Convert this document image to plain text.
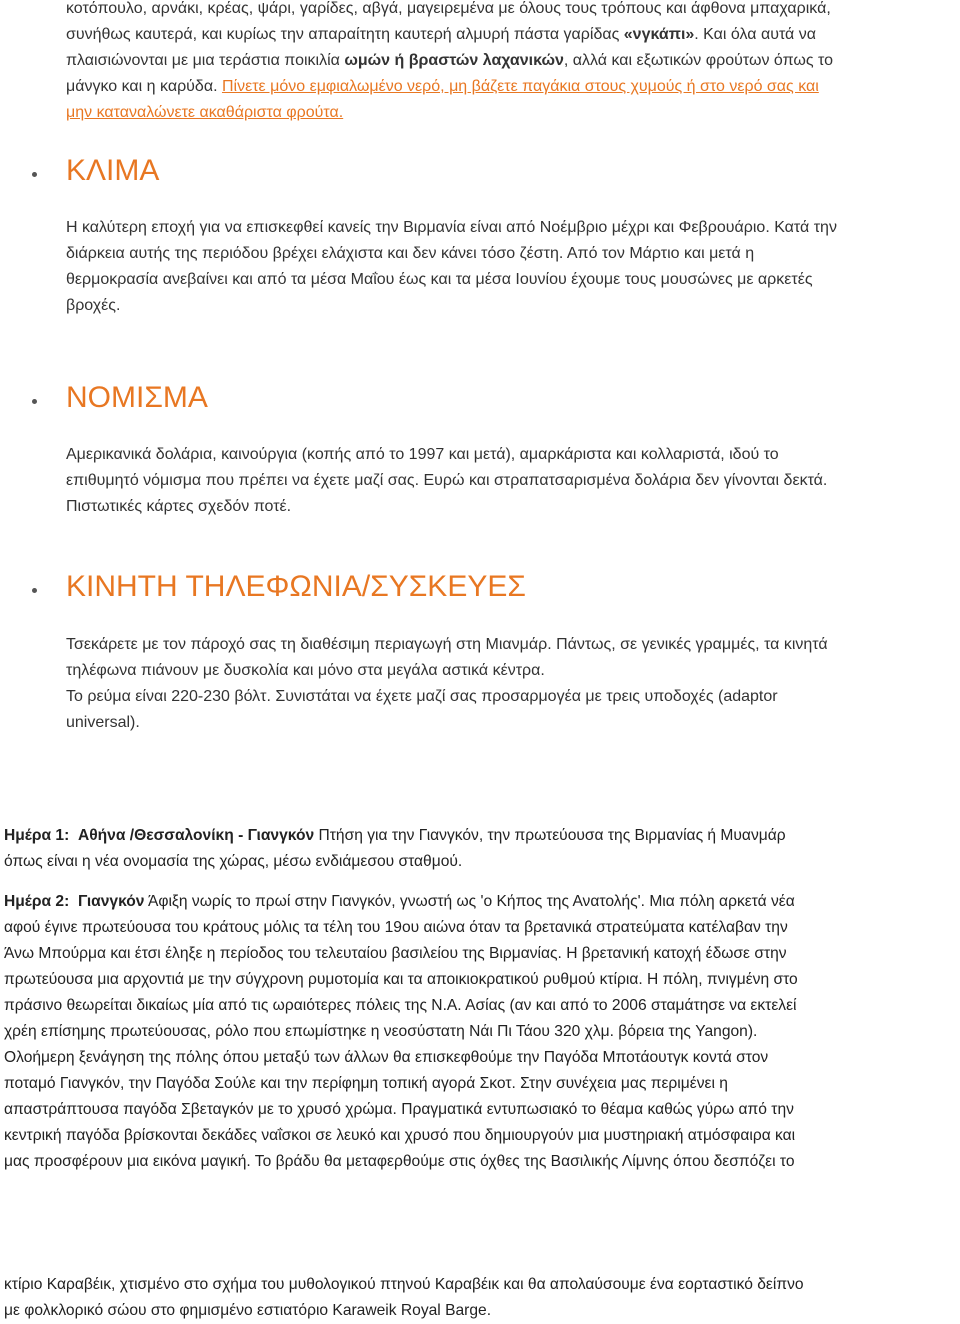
κοτόπουλο, αρνάκι, κρέας, ψάρι, γαρίδες, αβγά, μαγειρεμένα με όλους τους τρόπους και άφθονα μπαχαρικά,
συνήθως καυτερά, και κυρίως την απαραίτητη καυτερή αλμυρή πάστα γαρίδας «νγκάπι». Και όλα αυτά να
πλαισιώνονται με μια τεράστια ποικιλία ωμών ή βραστών λαχανικών, αλλά και εξωτικών φρούτων όπως το
μάνγκο και η καρύδα. Πίνετε μόνο εμφιαλωμένο νερό, μη βάζετε παγάκια στους χυμούς ή στο νερό σας και
μην καταναλώνετε ακαθάριστα φρούτα.
ΚΛΙΜΑ
Η καλύτερη εποχή για να επισκεφθεί κανείς την Βιρμανία είναι από Νοέμβριο μέχρι και Φεβρουάριο. Κατά την
διάρκεια αυτής της περιόδου βρέχει ελάχιστα και δεν κάνει τόσο ζέστη. Από τον Μάρτιο και μετά η
θερμοκρασία ανεβαίνει και από τα μέσα Μαΐου έως και τα μέσα Ιουνίου έχουμε τους μουσώνες με αρκετές
βροχές.
ΝΟΜΙΣΜΑ
Αμερικανικά δολάρια, καινούργια (κοπής από το 1997 και μετά), αμαρκάριστα και κολλαριστά, ιδού το
επιθυμητό νόμισμα που πρέπει να έχετε μαζί σας. Ευρώ και στραπατσαρισμένα δολάρια δεν γίνονται δεκτά.
Πιστωτικές κάρτες σχεδόν ποτέ.
ΚΙΝΗΤΗ ΤΗΛΕΦΩΝΙΑ/ΣΥΣΚΕΥΕΣ
Τσεκάρετε με τον πάροχό σας τη διαθέσιμη περιαγωγή στη Μιανμάρ. Πάντως, σε γενικές γραμμές, τα κινητά
τηλέφωνα πιάνουν με δυσκολία και μόνο στα μεγάλα αστικά κέντρα.
Το ρεύμα είναι 220-230 βόλτ. Συνιστάται να έχετε μαζί σας προσαρμογέα με τρεις υποδοχές (adaptor
universal).
Ημέρα 1: Αθήνα /Θεσσαλονίκη - Γιανγκόν Πτήση για την Γιανγκόν, την πρωτεύουσα της Βιρμανίας ή Μυανμάρ
όπως είναι η νέα ονομασία της χώρας, μέσω ενδιάμεσου σταθμού.
Ημέρα 2: Γιανγκόν Άφιξη νωρίς το πρωί στην Γιανγκόν, γνωστή ως 'ο Κήπος της Ανατολής'. Μια πόλη αρκετά νέα
αφού έγινε πρωτεύουσα του κράτους μόλις τα τέλη του 19ου αιώνα όταν τα βρετανικά στρατεύματα κατέλαβαν την
Άνω Μπούρμα και έτσι έληξε η περίοδος του τελευταίου βασιλείου της Βιρμανίας. Η βρετανική κατοχή έδωσε στην
πρωτεύουσα μια αρχοντιά με την σύγχρονη ρυμοτομία και τα αποικιοκρατικού ρυθμού κτίρια. Η πόλη, πνιγμένη στο
πράσινο θεωρείται δικαίως μία από τις ωραιότερες πόλεις της Ν.Α. Ασίας (αν και από το 2006 σταμάτησε να εκτελεί
χρέη επίσημης πρωτεύουσας, ρόλο που επωμίστηκε η νεοσύστατη Νάι Πι Τάου 320 χλμ. βόρεια της Yangon).
Ολοήμερη ξενάγηση της πόλης όπου μεταξύ των άλλων θα επισκεφθούμε την Παγόδα Μποτάουτγκ κοντά στον
ποταμό Γιανγκόν, την Παγόδα Σούλε και την περίφημη τοπική αγορά Σκοτ. Στην συνέχεια μας περιμένει η
απαστράπτουσα παγόδα Σβεταγκόν με το χρυσό χρώμα. Πραγματικά εντυπωσιακό το θέαμα καθώς γύρω από την
κεντρική παγόδα βρίσκονται δεκάδες ναΐσκοι σε λευκό και χρυσό που δημιουργούν μια μυστηριακή ατμόσφαιρα και
μας προσφέρουν μια εικόνα μαγική. Το βράδυ θα μεταφερθούμε στις όχθες της Βασιλικής Λίμνης όπου δεσπόζει το
κτίριο Καραβέικ, χτισμένο στο σχήμα του μυθολογικού πτηνού Καραβέικ και θα απολαύσουμε ένα εορταστικό δείπνο
με φολκλορικό σώου στο φημισμένο εστιατόριο Karaweik Royal Barge.
